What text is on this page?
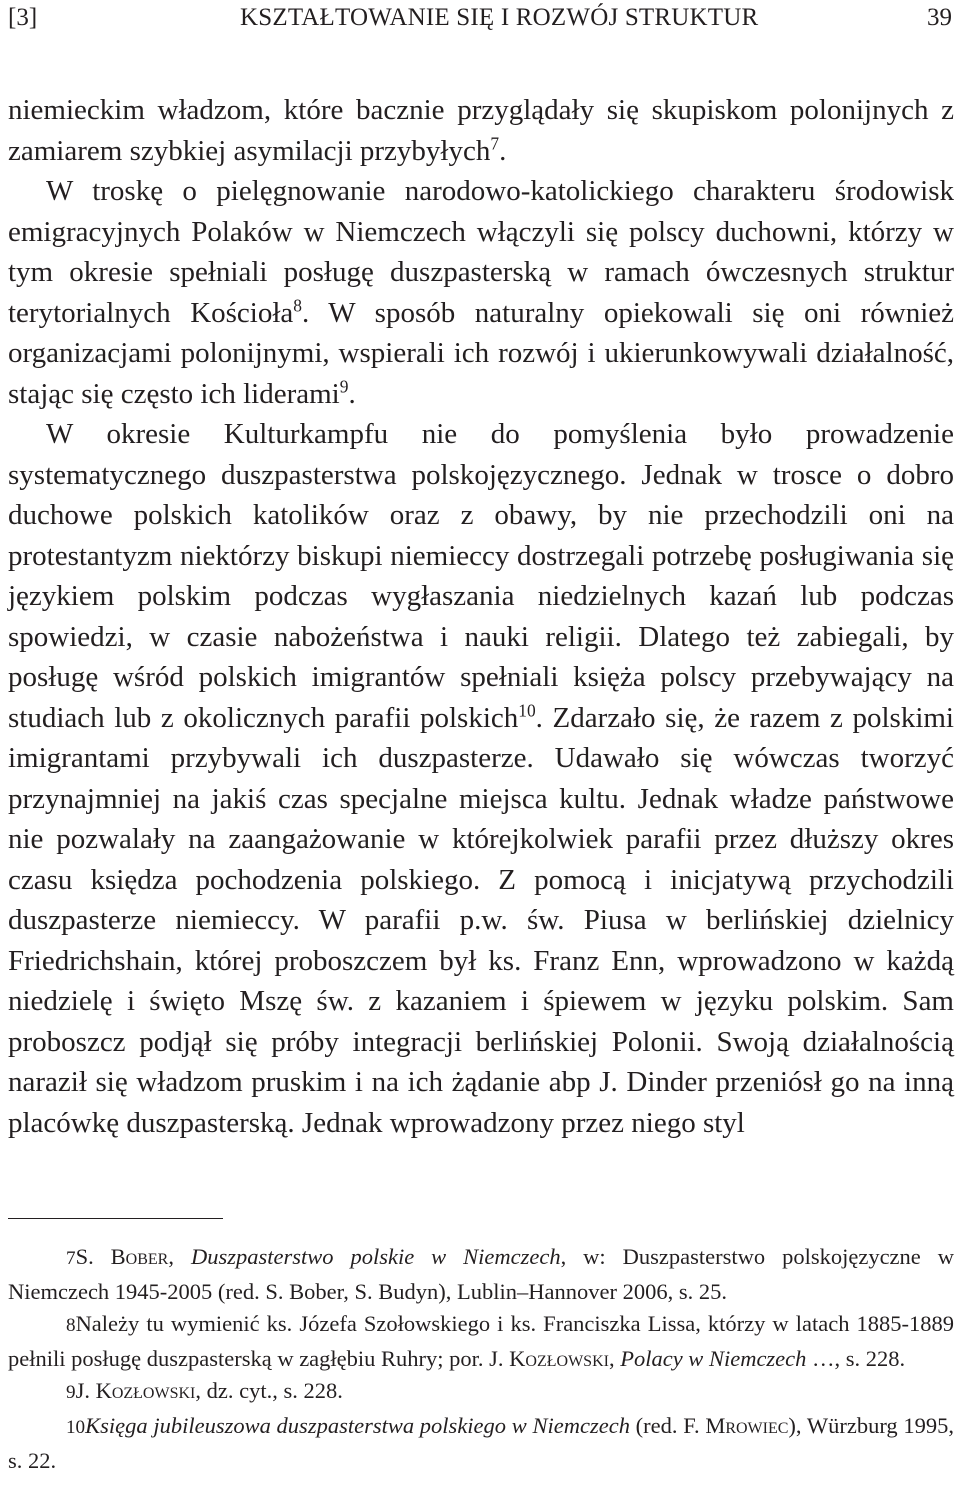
[3]	KSZTAŁTOWANIE SIĘ I ROZWÓJ STRUKTUR	39

niemieckim władzom, które bacznie przyglądały się skupiskom polonijnych z zamiarem szybkiej asymilacji przybyłych$^7$.

W troskę o pielęgnowanie narodowo-katolickiego charakteru środowisk emigracyjnych Polaków w Niemczech włączyli się polscy duchowni, którzy w tym okresie spełniali posługę duszpasterską w ramach ówczesnych struktur terytorialnych Kościoła$^8$. W sposób naturalny opiekowali się oni również organizacjami polonijnymi, wspierali ich rozwój i ukierunkowywali działalność, stając się często ich liderami$^9$.

W okresie Kulturkampfu nie do pomyślenia było prowadzenie systematycznego duszpasterstwa polskojęzycznego. Jednak w trosce o dobro duchowe polskich katolików oraz z obawy, by nie przechodzili oni na protestantyzm niektórzy biskupi niemieccy dostrzegali potrzebę posługiwania się językiem polskim podczas wygłaszania niedzielnych kazań lub podczas spowiedzi, w czasie nabożeństwa i nauki religii. Dlatego też zabiegali, by posługę wśród polskich imigrantów spełniali księża polscy przebywający na studiach lub z okolicznych parafii polskich$^{10}$. Zdarzało się, że razem z polskimi imigrantami przybywali ich duszpasterze. Udawało się wówczas tworzyć przynajmniej na jakiś czas specjalne miejsca kultu. Jednak władze państwowe nie pozwalały na zaangażowanie w którejkolwiek parafii przez dłuższy okres czasu księdza pochodzenia polskiego. Z pomocą i inicjatywą przychodzili duszpasterze niemieccy. W parafii p.w. św. Piusa w berlińskiej dzielnicy Friedrichshain, której proboszczem był ks. Franz Enn, wprowadzono w każdą niedzielę i święto Mszę św. z kazaniem i śpiewem w języku polskim. Sam proboszcz podjął się próby integracji berlińskiej Polonii. Swoją działalnością naraził się władzom pruskim i na ich żądanie abp J. Dinder przeniósł go na inną placówkę duszpasterską. Jednak wprowadzony przez niego styl

7S. Bober, Duszpasterstwo polskie w Niemczech, w: Duszpasterstwo polskojęzyczne w Niemczech 1945-2005 (red. S. Bober, S. Budyn), Lublin–Hannover 2006, s. 25.

8Należy tu wymienić ks. Józefa Szołowskiego i ks. Franciszka Lissa, którzy w latach 1885-1889 pełnili posługę duszpasterską w zagłębiu Ruhry; por. J. Kozłowski, Polacy w Niemczech …, s. 228.

9J. Kozłowski, dz. cyt., s. 228.

10Księga jubileuszowa duszpasterstwa polskiego w Niemczech (red. F. Mrowiec), Würzburg 1995, s. 22.
